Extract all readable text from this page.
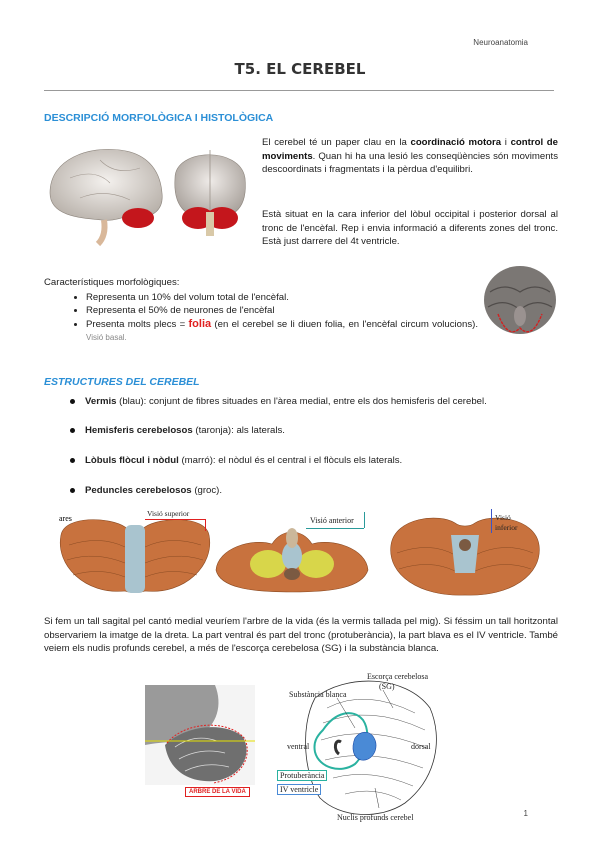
Neuroanatomia
T5. EL CEREBEL
DESCRIPCIÓ MORFOLÒGICA I HISTOLÒGICA
El cerebel té un paper clau en la coordinació motora i control de moviments. Quan hi ha una lesió les conseqüències són moviments descoordinats i fragmentats i la pèrdua d'equilibri.
Està situat en la cara inferior del lòbul occipital i posterior dorsal al tronc de l'encèfal. Rep i envia informació a diferents zones del tronc. Està just darrere del 4t ventricle.
Característiques morfològiques:
• Representa un 10% del volum total de l'encèfal.
• Representa el 50% de neurones de l'encèfal
• Presenta molts plecs = folia (en el cerebel se li diuen folia, en l'encèfal circum volucions). Visió basal.
ESTRUCTURES DEL CEREBEL
Vermis (blau): conjunt de fibres situades en l'àrea medial, entre els dos hemisferis del cerebel.
Hemisferis cerebelosos (taronja): als laterals.
Lòbuls flòcul i nòdul (marró): el nòdul és el central i el flòculs els laterals.
Peduncles cerebelosos (groc).
ares
Visió superior
Visió anterior	Visió
inferior
Si fem un tall sagital pel cantó medial veuríem l'arbre de la vida (és la vermis tallada pel mig). Si féssim un tall horitzontal observariem la imatge de la dreta. La part ventral és part del tronc (protuberància), la part blava es el IV ventricle. També veiem els nudis profunds cerebel, a més de l'escorça cerebelosa (SG) i la substància blanca.
ARBRE DE LA VIDA
Escorça cerebelosa
(SG)
Substància blanca
ventral	dorsal
Protuberància
IV ventricle
Nuclis profunds cerebel	1
